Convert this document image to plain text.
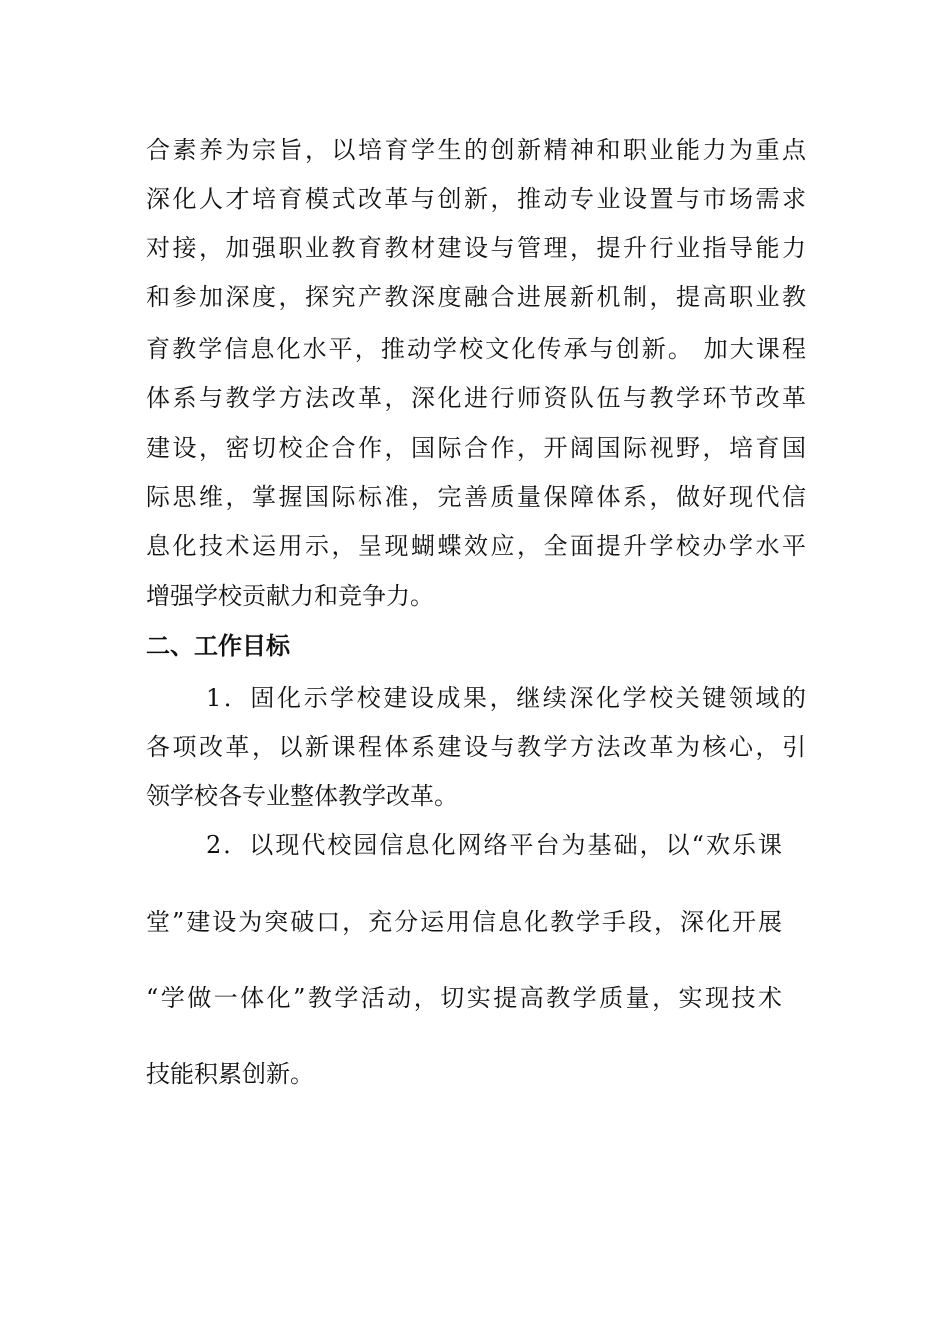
合素养为宗旨，以培育学生的创新精神和职业能力为重点
深化人才培育模式改革与创新，推动专业设置与市场需求
对接，加强职业教育教材建设与管理，提升行业指导能力
和参加深度，探究产教深度融合进展新机制，提高职业教
育教学信息化水平，推动学校文化传承与创新。 加大课程
体系与教学方法改革，深化进行师资队伍与教学环节改革
建设，密切校企合作，国际合作，开阔国际视野，培育国
际思维，掌握国际标准，完善质量保障体系，做好现代信
息化技术运用示，呈现蝴蝶效应，全面提升学校办学水平
增强学校贡献力和竞争力。
二、工作目标
1．固化示学校建设成果，继续深化学校关键领域的
各项改革，以新课程体系建设与教学方法改革为核心，引
领学校各专业整体教学改革。
2．以现代校园信息化网络平台为基础，以“欢乐课
堂”建设为突破口，充分运用信息化教学手段，深化开展
“学做一体化”教学活动，切实提高教学质量，实现技术
技能积累创新。
